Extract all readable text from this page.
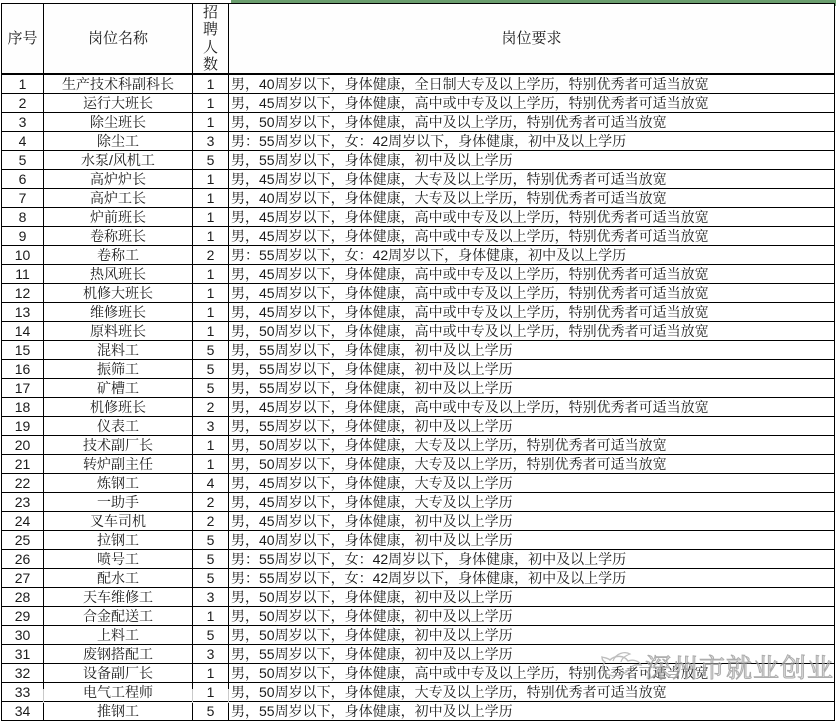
序号	岗位名称	招聘人数	岗位要求
1	生产技术科副科长	1	男，40周岁以下，身体健康，全日制大专及以上学历，特别优秀者可适当放宽
2	运行大班长	1	男，45周岁以下，身体健康，高中或中专及以上学历，特别优秀者可适当放宽
3	除尘班长	1	男，50周岁以下，身体健康，高中及以上学历，特别优秀者可适当放宽
4	除尘工	3	男：55周岁以下，女：42周岁以下，身体健康，初中及以上学历
5	水泵/风机工	5	男，55周岁以下，身体健康，初中及以上学历
6	高炉炉长	1	男，45周岁以下，身体健康，大专及以上学历，特别优秀者可适当放宽
7	高炉工长	1	男，40周岁以下，身体健康，大专及以上学历，特别优秀者可适当放宽
8	炉前班长	1	男，45周岁以下，身体健康，高中或中专及以上学历，特别优秀者可适当放宽
9	卷称班长	1	男，45周岁以下，身体健康，高中或中专及以上学历，特别优秀者可适当放宽
10	卷称工	2	男：55周岁以下，女：42周岁以下，身体健康，初中及以上学历
11	热风班长	1	男，45周岁以下，身体健康，高中或中专及以上学历，特别优秀者可适当放宽
12	机修大班长	1	男，45周岁以下，身体健康，高中或中专及以上学历，特别优秀者可适当放宽
13	维修班长	1	男，45周岁以下，身体健康，高中或中专及以上学历，特别优秀者可适当放宽
14	原料班长	1	男，50周岁以下，身体健康，高中或中专及以上学历，特别优秀者可适当放宽
15	混料工	5	男，55周岁以下，身体健康，初中及以上学历
16	振筛工	5	男，55周岁以下，身体健康，初中及以上学历
17	矿槽工	5	男，55周岁以下，身体健康，初中及以上学历
18	机修班长	2	男，45周岁以下，身体健康，高中或中专及以上学历，特别优秀者可适当放宽
19	仪表工	3	男，55周岁以下，身体健康，初中及以上学历
20	技术副厂长	1	男，50周岁以下，身体健康，大专及以上学历，特别优秀者可适当放宽
21	转炉副主任	1	男，50周岁以下，身体健康，大专及以上学历，特别优秀者可适当放宽
22	炼钢工	4	男，45周岁以下，身体健康，大专及以上学历
23	一助手	2	男，45周岁以下，身体健康，大专及以上学历
24	叉车司机	2	男，45周岁以下，身体健康，初中及以上学历
25	拉钢工	5	男，40周岁以下，身体健康，初中及以上学历
26	喷号工	5	男：55周岁以下，女：42周岁以下，身体健康，初中及以上学历
27	配水工	5	男：55周岁以下，女：42周岁以下，身体健康，初中及以上学历
28	天车维修工	3	男，50周岁以下，身体健康，初中及以上学历
29	合金配送工	1	男，50周岁以下，身体健康，初中及以上学历
30	上料工	5	男，50周岁以下，身体健康，初中及以上学历
31	废钢搭配工	3	男，55周岁以下，身体健康，初中及以上学历
32	设备副厂长	1	男，50周岁以下，身体健康，高中或中专及以上学历，特别优秀者可适当放宽
33	电气工程师	1	男，50周岁以下，身体健康，大专及以上学历，特别优秀者可适当放宽
34	推钢工	5	男，55周岁以下，身体健康，初中及以上学历
深州市就业创业
